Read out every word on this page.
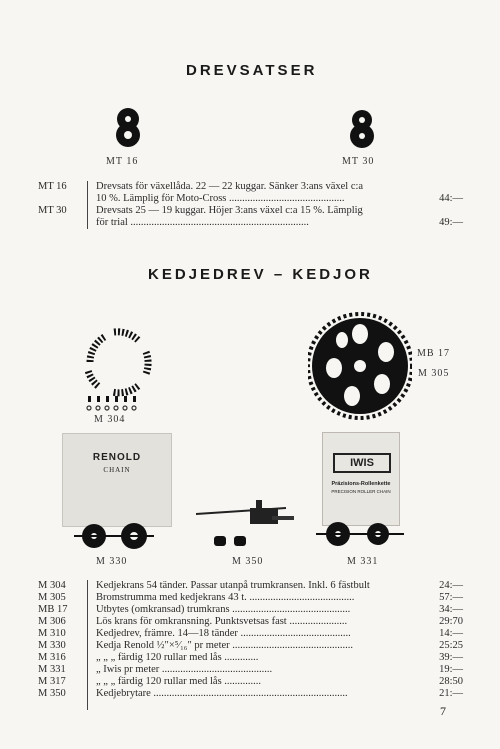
DREVSATSER
MT 16	MT 30
MT 16	Drevsats för växellåda. 22 — 22 kuggar. Sänker 3:ans växel c:a
10 %. Lämplig för Moto-Cross ............................................	44:—
MT 30	Drevsats 25 — 19 kuggar. Höjer 3:ans växel c:a 15 %. Lämplig
för trial ....................................................................	49:—
KEDJEDREV – KEDJOR
M 304
MB 17
M 305
RENOLD
CHAIN
M 330	M 350
IWIS
Präzisions-Rollenkette
PRECISION ROLLER CHAIN
M 331
M 304	Kedjekrans 54 tänder. Passar utanpå trumkransen. Inkl. 6 fästbult	24:—
M 305	Bromstrumma med kedjekrans 43 t. ........................................	57:—
MB 17	Utbytes (omkransad) trumkrans .............................................	34:—
M 306	Lös krans för omkransning. Punktsvetsas fast ......................	29:70
M 310	Kedjedrev, främre. 14—18 tänder ..........................................	14:—
M 330	Kedja Renold ½"×⁵⁄₁₆" pr meter ..............................................	25:25
M 316	„ „ „ färdig 120 rullar med lås .............	39:—
M 331	„ Iwis pr meter ..........................................	19:—
M 317	„ „ „ färdig 120 rullar med lås ..............	28:50
M 350	Kedjebrytare ..........................................................................	21:—
7
